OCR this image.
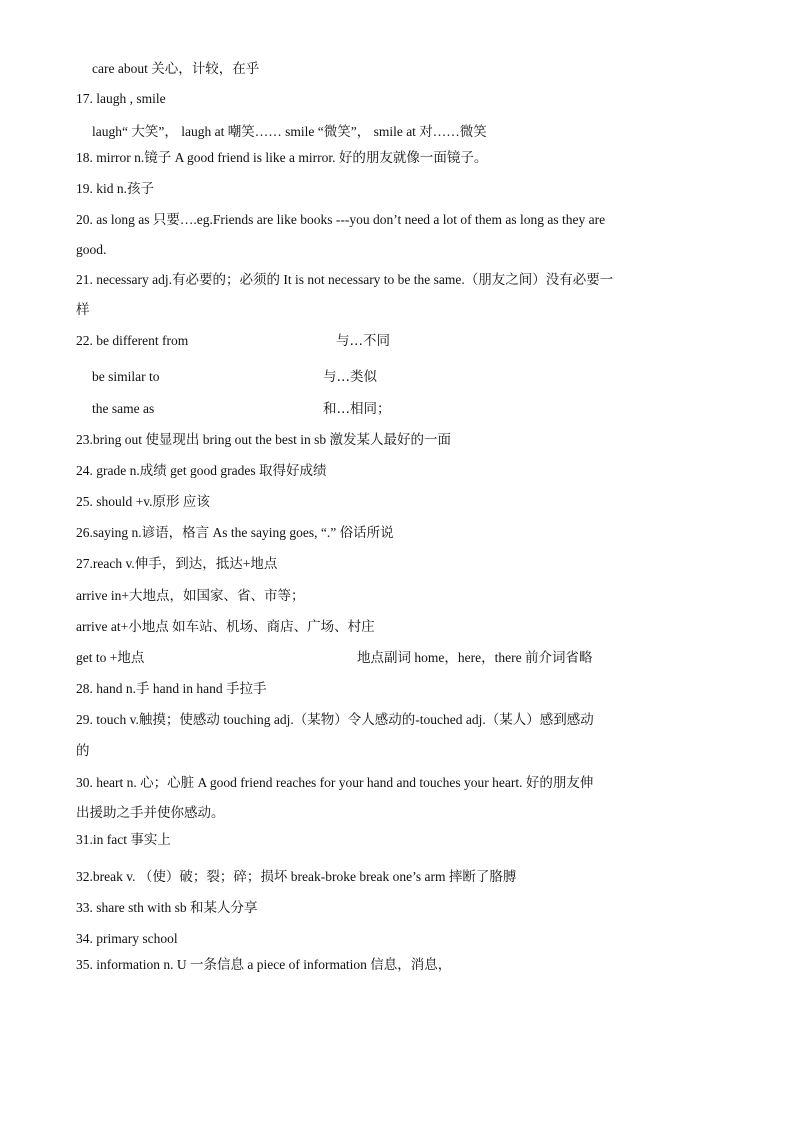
care about 关心，计较，在乎
17. laugh , smile
laugh“ 大笑”， laugh at 嘲笑…… smile “微笑”， smile at 对……微笑
18. mirror n.镜子 A good friend is like a mirror. 好的朋友就像一面镜子。
19. kid n.孩子
20. as long as 只要….eg.Friends are like books ---you don’t need a lot of them as long as they are
good.
21. necessary adj.有必要的；必须的 It is not necessary to be the same.（朋友之间）没有必要一
样
22. be different from	与…不同
be similar to	与…类似
the same as	和…相同；
23.bring out 使显现出 bring out the best in sb 激发某人最好的一面
24. grade n.成绩 get good grades 取得好成绩
25. should +v.原形 应该
26.saying n.谚语，格言 As the saying goes, “.” 俗话所说
27.reach v.伸手，到达，抵达+地点
arrive in+大地点，如国家、省、市等；
arrive at+小地点 如车站、机场、商店、广场、村庄
get to +地点	地点副词 home，here，there 前介词省略
28. hand n.手 hand in hand 手拉手
29. touch v.触摸；使感动 touching adj.（某物）令人感动的-touched adj.（某人）感到感动
的
30. heart n. 心；心脏 A good friend reaches for your hand and touches your heart. 好的朋友伸
出援助之手并使你感动。
31.in fact 事实上
32.break v. （使）破；裂；碎；损坏 break-broke break one’s arm 摔断了胳膊
33. share sth with sb 和某人分享
34. primary school
35. information n. U 一条信息 a piece of information 信息，消息，
